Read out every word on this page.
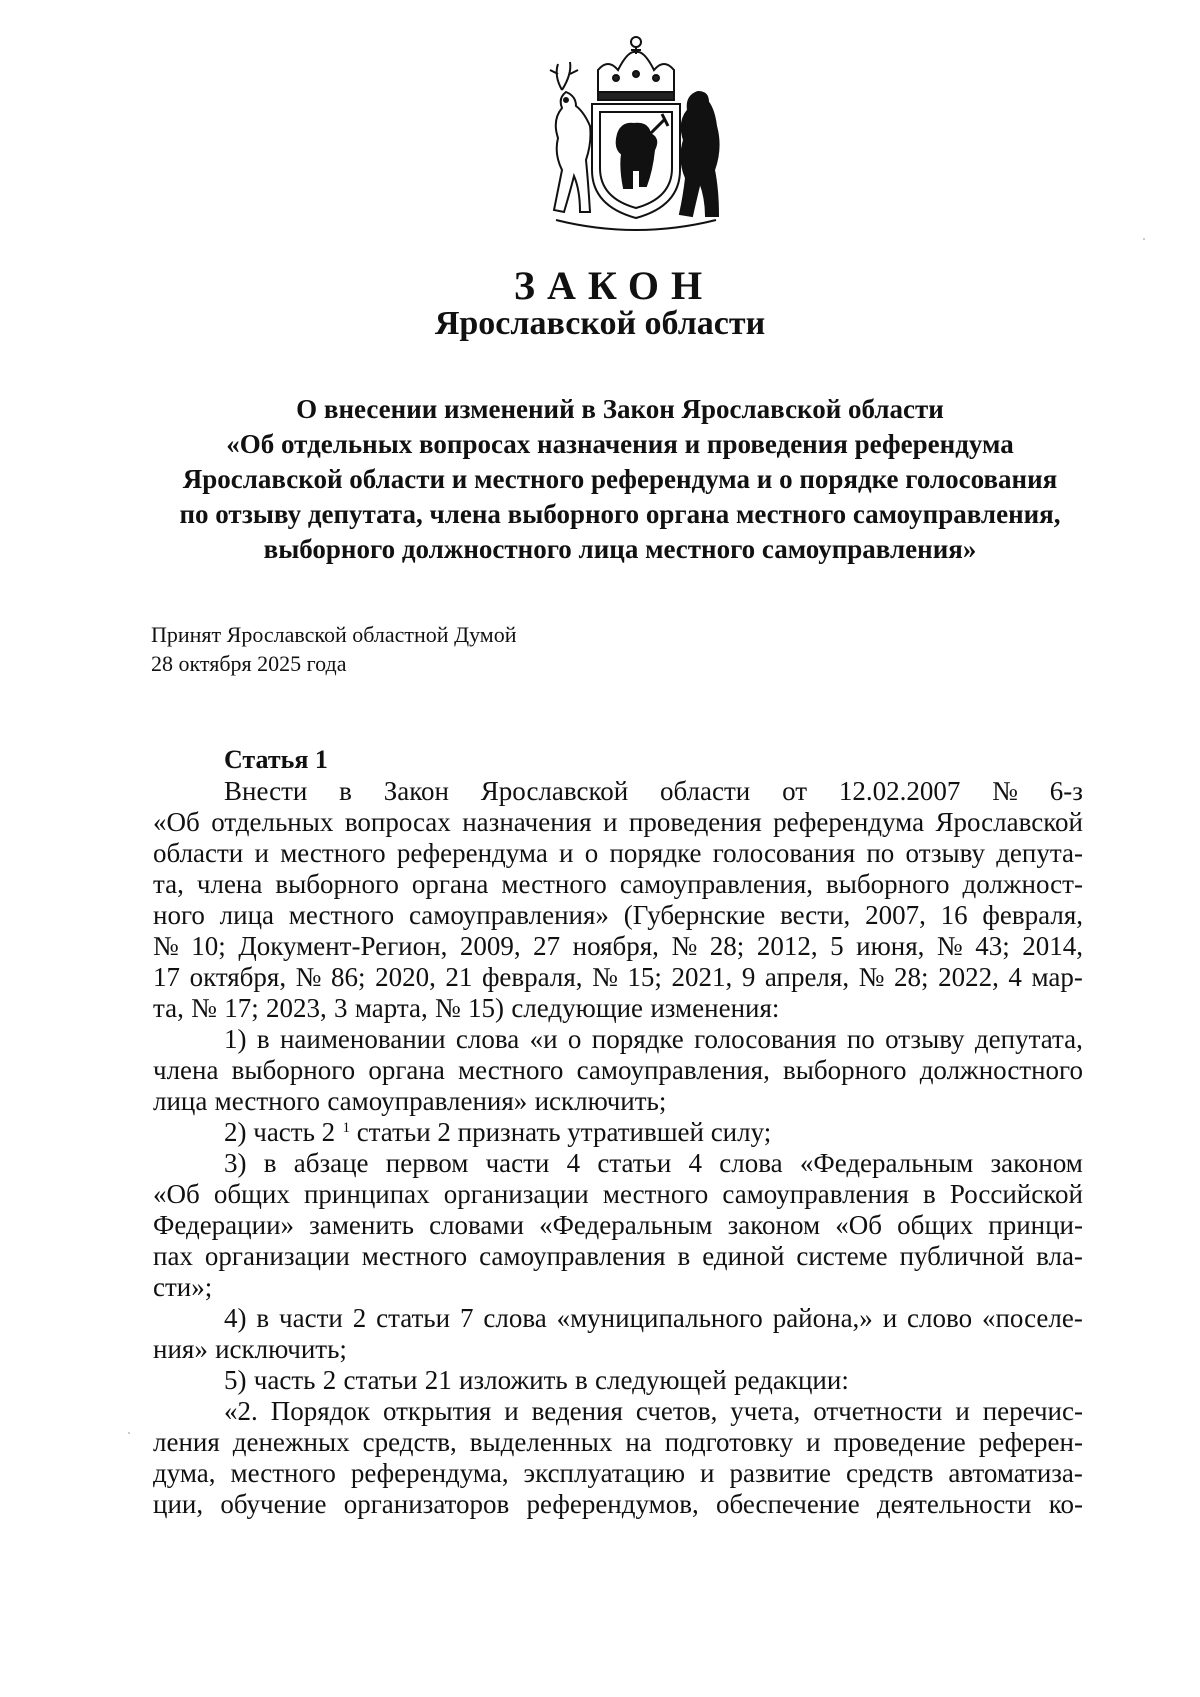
ЗАКОН
Ярославской области
О внесении изменений в Закон Ярославской области
«Об отдельных вопросах назначения и проведения референдума
Ярославской области и местного референдума и о порядке голосования
по отзыву депутата, члена выборного органа местного самоуправления,
выборного должностного лица местного самоуправления»
Принят Ярославской областной Думой
28 октября 2025 года
Статья 1
Внести в Закон Ярославской области от 12.02.2007 № 6-з
«Об отдельных вопросах назначения и проведения референдума Ярославской
области и местного референдума и о порядке голосования по отзыву депута-
та, члена выборного органа местного самоуправления, выборного должност-
ного лица местного самоуправления» (Губернские вести, 2007, 16 февраля,
№ 10; Документ-Регион, 2009, 27 ноября, № 28; 2012, 5 июня, № 43; 2014,
17 октября, № 86; 2020, 21 февраля, № 15; 2021, 9 апреля, № 28; 2022, 4 мар-
та, № 17; 2023, 3 марта, № 15) следующие изменения:
1) в наименовании слова «и о порядке голосования по отзыву депутата,
члена выборного органа местного самоуправления, выборного должностного
лица местного самоуправления» исключить;
2) часть 2 $^1$
статьи 2 признать утратившей силу;
3) в абзаце первом части 4 статьи 4 слова «Федеральным законом
«Об общих принципах организации местного самоуправления в Российской
Федерации» заменить словами «Федеральным законом «Об общих принци-
пах организации местного самоуправления в единой системе публичной вла-
сти»;
4) в части 2 статьи 7 слова «муниципального района,» и слово «поселе-
ния» исключить;
5) часть 2 статьи 21 изложить в следующей редакции:
«2. Порядок открытия и ведения счетов, учета, отчетности и перечис-
ления денежных средств, выделенных на подготовку и проведение референ-
дума, местного референдума, эксплуатацию и развитие средств автоматиза-
ции, обучение организаторов референдумов, обеспечение деятельности ко-
